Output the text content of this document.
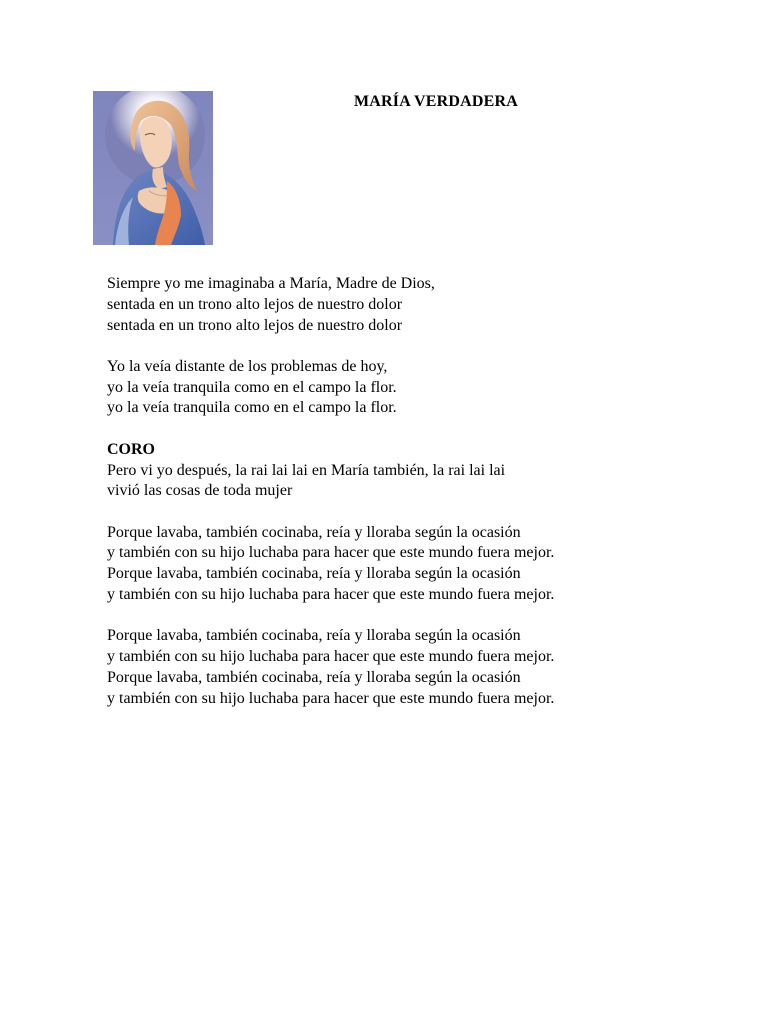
MARÍA VERDADERA
Siempre yo me imaginaba a María, Madre de Dios,
sentada en un trono alto lejos de nuestro dolor
sentada en un trono alto lejos de nuestro dolor
Yo la veía distante de los problemas de hoy,
yo la veía tranquila como en el campo la flor.
yo la veía tranquila como en el campo la flor.
CORO
Pero vi yo después, la rai lai lai en María también, la rai lai lai
vivió las cosas de toda mujer
Porque lavaba, también cocinaba, reía y lloraba según la ocasión
y también con su hijo luchaba para hacer que este mundo fuera mejor.
Porque lavaba, también cocinaba, reía y lloraba según la ocasión
y también con su hijo luchaba para hacer que este mundo fuera mejor.
Porque lavaba, también cocinaba, reía y lloraba según la ocasión
y también con su hijo luchaba para hacer que este mundo fuera mejor.
Porque lavaba, también cocinaba, reía y lloraba según la ocasión
y también con su hijo luchaba para hacer que este mundo fuera mejor.
